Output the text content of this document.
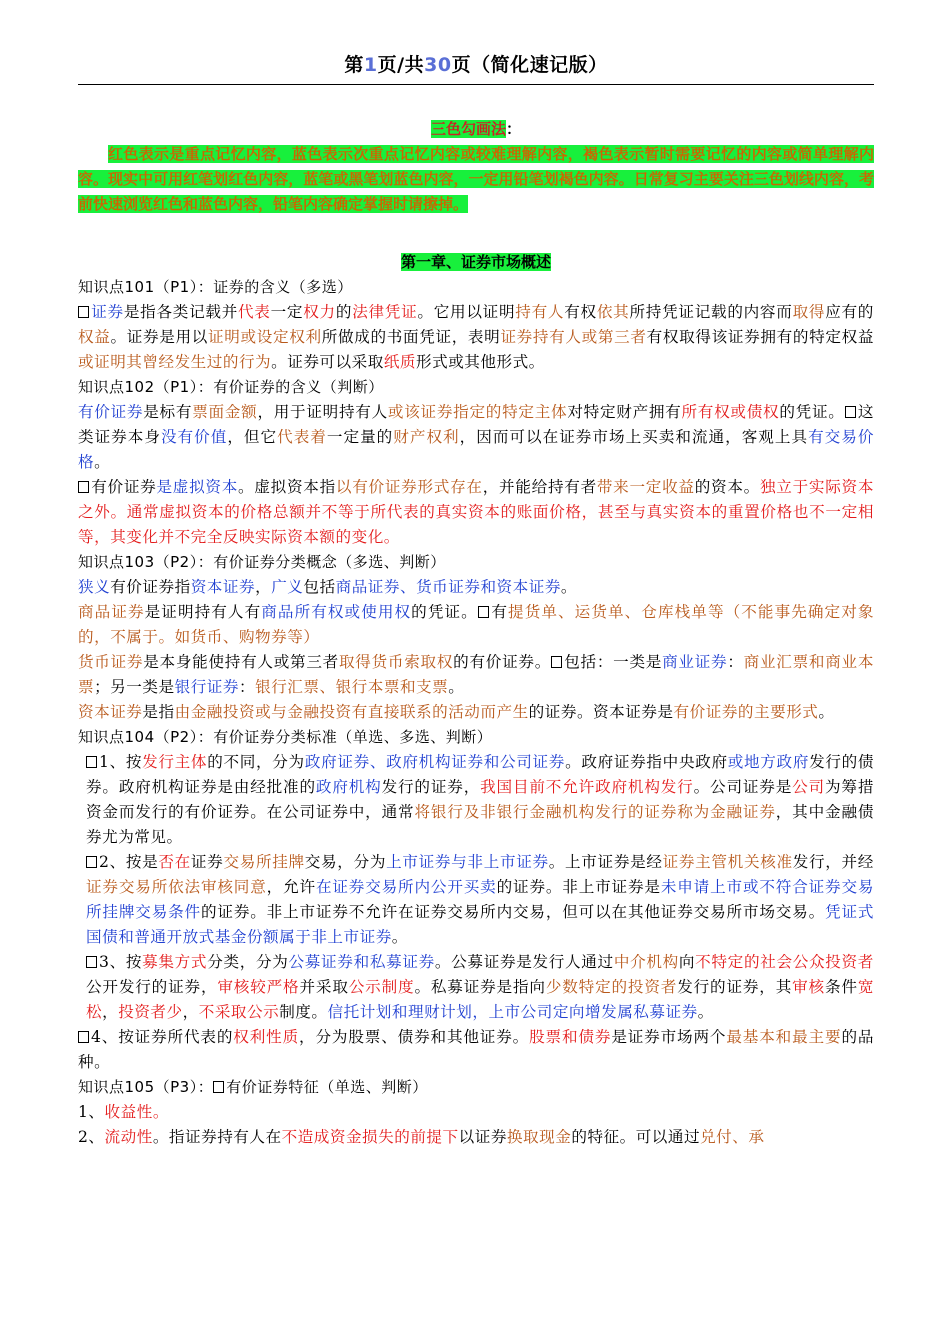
第1页/共30页（简化速记版）
三色勾画法：
红色表示是重点记忆内容，蓝色表示次重点记忆内容或较难理解内容，褐色表示暂时需要记忆的内容或简单理解内容。现实中可用红笔划红色内容，蓝笔或黑笔划蓝色内容，一定用铅笔划褐色内容。日常复习主要关注三色划线内容，考前快速浏览红色和蓝色内容，铅笔内容确定掌握时请擦掉。
第一章、证券市场概述

知识点101（P1）：证券的含义（多选）

证券是指各类记载并代表一定权力的法律凭证。它用以证明持有人有权依其所持凭证记载的内容而取得应有的权益。证券是用以证明或设定权利所做成的书面凭证，表明证券持有人或第三者有权取得该证券拥有的特定权益或证明其曾经发生过的行为。证券可以采取纸质形式或其他形式。

知识点102（P1）：有价证券的含义（判断）

有价证券是标有票面金额，用于证明持有人或该证券指定的特定主体对特定财产拥有所有权或债权的凭证。 这类证券本身没有价值，但它代表着一定量的财产权利，因而可以在证券市场上买卖和流通，客观上具有交易价格。

有价证券是虚拟资本。虚拟资本指以有价证券形式存在，并能给持有者带来一定收益的资本。独立于实际资本之外。通常虚拟资本的价格总额并不等于所代表的真实资本的账面价格，甚至与真实资本的重置价格也不一定相等，其变化并不完全反映实际资本额的变化。

知识点103（P2）：有价证券分类概念（多选、判断）

狭义有价证券指资本证券，广义包括商品证券、货币证券和资本证券。

商品证券是证明持有人有商品所有权或使用权的凭证。 有提货单、运货单、仓库栈单等（不能事先确定对象的，不属于。如货币、购物券等）

货币证券是本身能使持有人或第三者取得货币索取权的有价证券。 包括：一类是商业证券：商业汇票和商业本票；另一类是银行证券：银行汇票、银行本票和支票。

资本证券是指由金融投资或与金融投资有直接联系的活动而产生的证券。资本证券是有价证券的主要形式。

知识点104（P2）：有价证券分类标准（单选、多选、判断）

1、按发行主体的不同，分为政府证券、政府机构证券和公司证券。政府证券指中央政府或地方政府发行的债券。政府机构证券是由经批准的政府机构发行的证券，我国目前不允许政府机构发行。公司证券是公司为筹措资金而发行的有价证券。在公司证券中，通常将银行及非银行金融机构发行的证券称为金融证券，其中金融债券尤为常见。

2、按是否在证券交易所挂牌交易，分为上市证券与非上市证券。上市证券是经证券主管机关核准发行，并经证券交易所依法审核同意，允许在证券交易所内公开买卖的证券。非上市证券是未申请上市或不符合证券交易所挂牌交易条件的证券。非上市证券不允许在证券交易所内交易，但可以在其他证券交易所市场交易。凭证式国债和普通开放式基金份额属于非上市证券。

3、按募集方式分类，分为公募证券和私募证券。公募证券是发行人通过中介机构向不特定的社会公众投资者公开发行的证券，审核较严格并采取公示制度。私募证券是指向少数特定的投资者发行的证券，其审核条件宽松，投资者少，不采取公示制度。信托计划和理财计划，上市公司定向增发属私募证券。

4、按证券所代表的权利性质，分为股票、债券和其他证券。股票和债券是证券市场两个最基本和最主要的品种。

知识点105（P3）： 有价证券特征（单选、判断）

1、收益性。

2、流动性。指证券持有人在不造成资金损失的前提下以证券换取现金的特征。可以通过兑付、承
